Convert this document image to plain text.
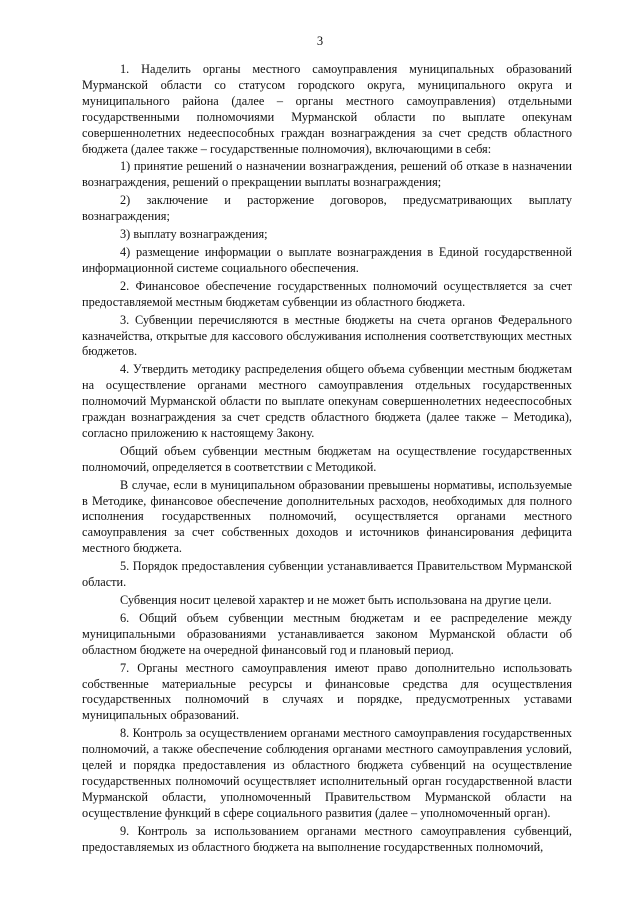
3

1. Наделить органы местного самоуправления муниципальных образований Мурманской области со статусом городского округа, муниципального округа и муниципального района (далее – органы местного самоуправления) отдельными государственными полномочиями Мурманской области по выплате опекунам совершеннолетних недееспособных граждан вознаграждения за счет средств областного бюджета (далее также – государственные полномочия), включающими в себя:

1) принятие решений о назначении вознаграждения, решений об отказе в назначении вознаграждения, решений о прекращении выплаты вознаграждения;

2) заключение и расторжение договоров, предусматривающих выплату вознаграждения;

3) выплату вознаграждения;

4) размещение информации о выплате вознаграждения в Единой государственной информационной системе социального обеспечения.

2. Финансовое обеспечение государственных полномочий осуществляется за счет предоставляемой местным бюджетам субвенции из областного бюджета.

3. Субвенции перечисляются в местные бюджеты на счета органов Федерального казначейства, открытые для кассового обслуживания исполнения соответствующих местных бюджетов.

4. Утвердить методику распределения общего объема субвенции местным бюджетам на осуществление органами местного самоуправления отдельных государственных полномочий Мурманской области по выплате опекунам совершеннолетних недееспособных граждан вознаграждения за счет средств областного бюджета (далее также – Методика), согласно приложению к настоящему Закону.

Общий объем субвенции местным бюджетам на осуществление государственных полномочий, определяется в соответствии с Методикой.

В случае, если в муниципальном образовании превышены нормативы, используемые в Методике, финансовое обеспечение дополнительных расходов, необходимых для полного исполнения государственных полномочий, осуществляется органами местного самоуправления за счет собственных доходов и источников финансирования дефицита местного бюджета.

5. Порядок предоставления субвенции устанавливается Правительством Мурманской области.

Субвенция носит целевой характер и не может быть использована на другие цели.

6. Общий объем субвенции местным бюджетам и ее распределение между муниципальными образованиями устанавливается законом Мурманской области об областном бюджете на очередной финансовый год и плановый период.

7. Органы местного самоуправления имеют право дополнительно использовать собственные материальные ресурсы и финансовые средства для осуществления государственных полномочий в случаях и порядке, предусмотренных уставами муниципальных образований.

8. Контроль за осуществлением органами местного самоуправления государственных полномочий, а также обеспечение соблюдения органами местного самоуправления условий, целей и порядка предоставления из областного бюджета субвенций на осуществление государственных полномочий осуществляет исполнительный орган государственной власти Мурманской области, уполномоченный Правительством Мурманской области на осуществление функций в сфере социального развития (далее – уполномоченный орган).

9. Контроль за использованием органами местного самоуправления субвенций, предоставляемых из областного бюджета на выполнение государственных полномочий,
